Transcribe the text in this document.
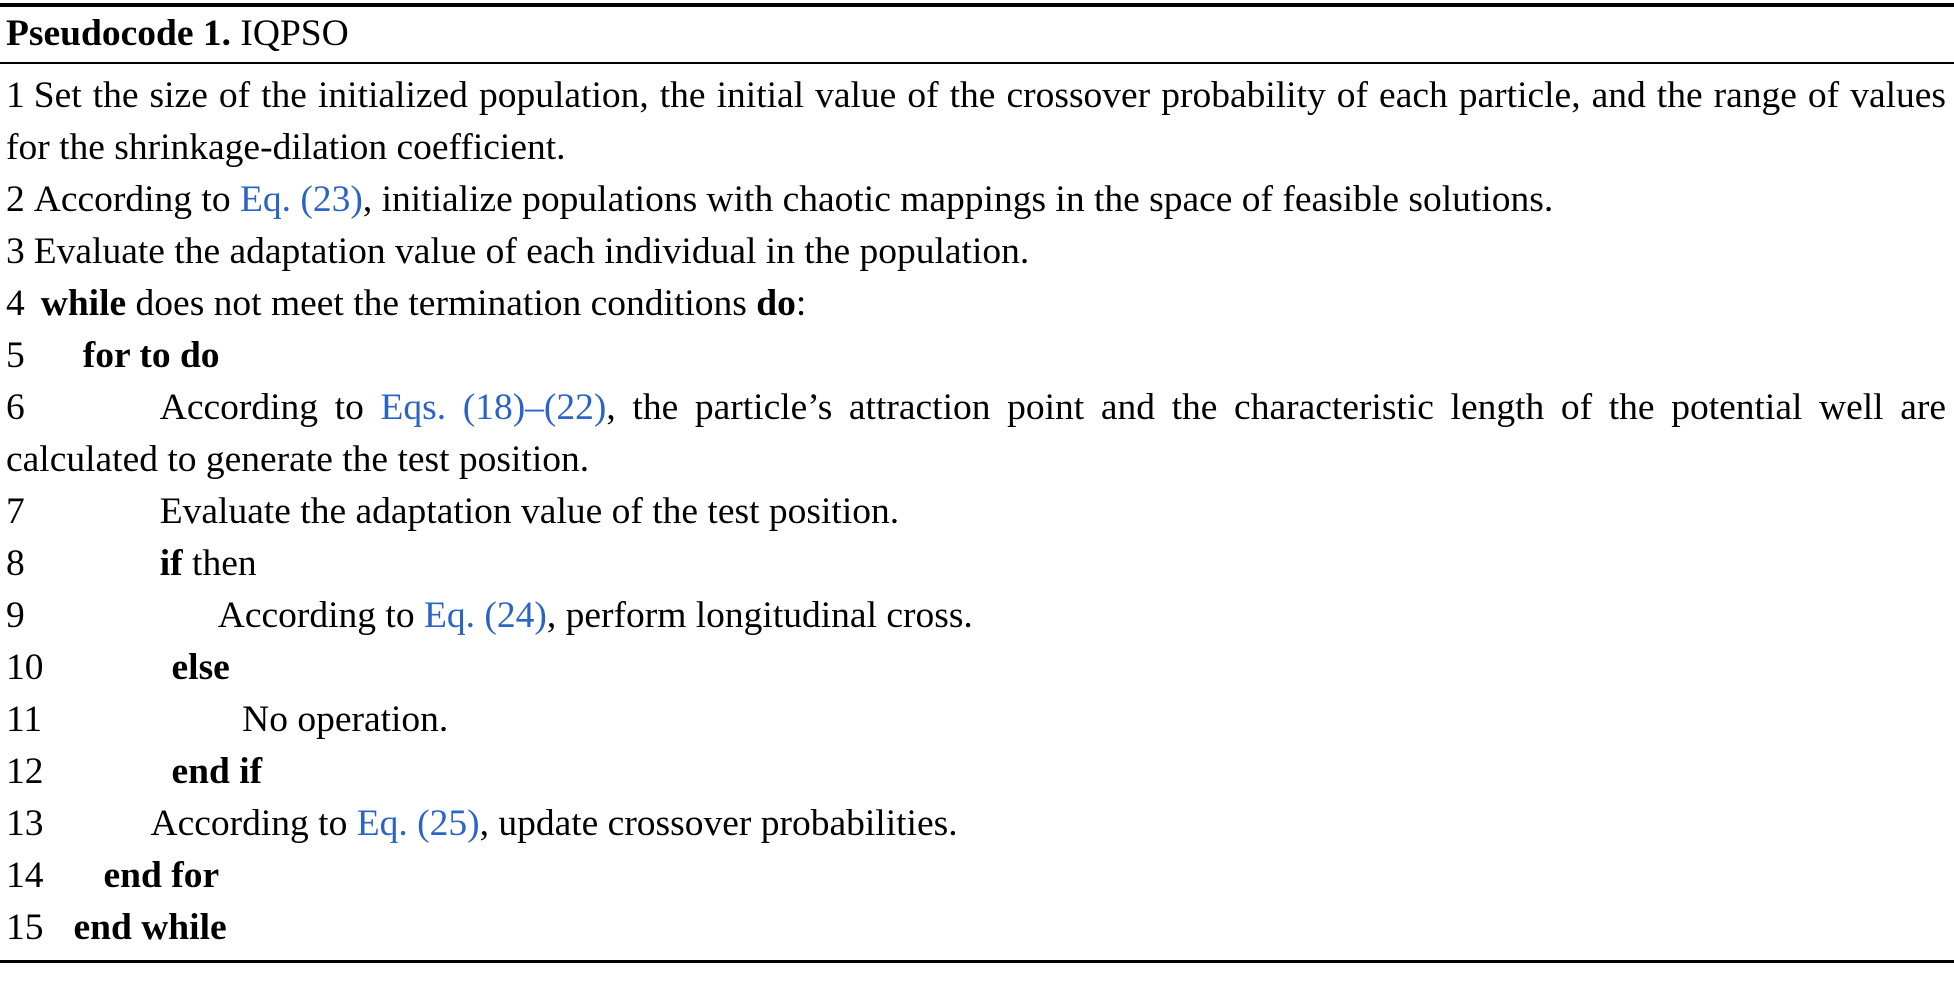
Pseudocode 1. IQPSO
1 Set the size of the initialized population, the initial value of the crossover probability of each particle, and the range of values for the shrinkage-dilation coefficient.
2 According to Eq. (23), initialize populations with chaotic mappings in the space of feasible solutions.
3 Evaluate the adaptation value of each individual in the population.
4 while does not meet the termination conditions do:
5 for to do
6	According to Eqs. (18)–(22), the particle’s attraction point and the characteristic length of the potential well are calculated to generate the test position.
7	Evaluate the adaptation value of the test position.
8	if then
9	According to Eq. (24), perform longitudinal cross.
10	else
11	No operation.
12	end if
13	According to Eq. (25), update crossover probabilities.
14 end for
15 end while
